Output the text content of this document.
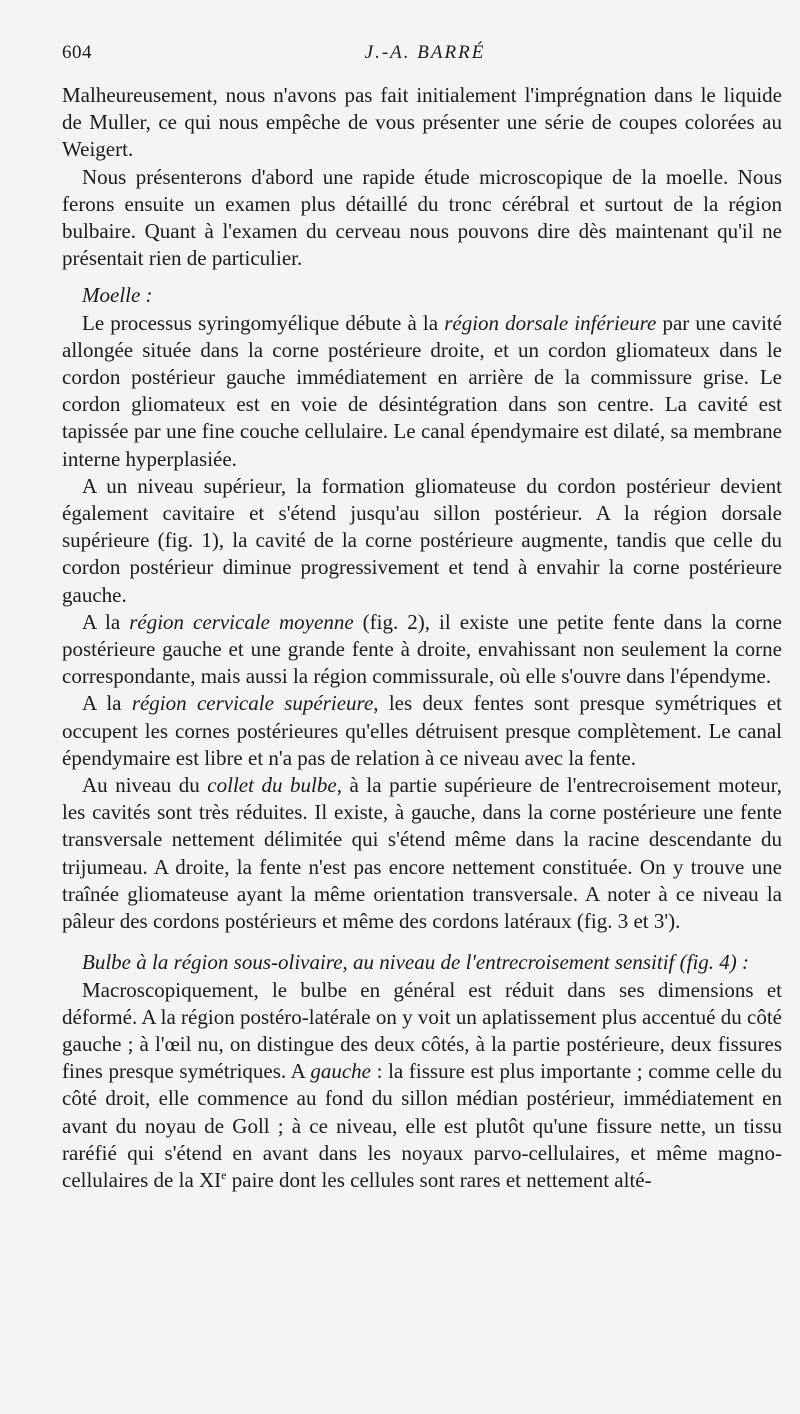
604	J.-A. BARRÉ

Malheureusement, nous n'avons pas fait initialement l'imprégnation dans le liquide de Muller, ce qui nous empêche de vous présenter une série de coupes colorées au Weigert.

Nous présenterons d'abord une rapide étude microscopique de la moelle. Nous ferons ensuite un examen plus détaillé du tronc cérébral et surtout de la région bulbaire. Quant à l'examen du cerveau nous pouvons dire dès maintenant qu'il ne présentait rien de particulier.

Moelle :

Le processus syringomyélique débute à la région dorsale inférieure par une cavité allongée située dans la corne postérieure droite, et un cordon gliomateux dans le cordon postérieur gauche immédiatement en arrière de la commissure grise. Le cordon gliomateux est en voie de désintégration dans son centre. La cavité est tapissée par une fine couche cellulaire. Le canal épendymaire est dilaté, sa membrane interne hyperplasiée.

A un niveau supérieur, la formation gliomateuse du cordon postérieur devient également cavitaire et s'étend jusqu'au sillon postérieur. A la région dorsale supérieure (fig. 1), la cavité de la corne postérieure augmente, tandis que celle du cordon postérieur diminue progressivement et tend à envahir la corne postérieure gauche.

A la région cervicale moyenne (fig. 2), il existe une petite fente dans la corne postérieure gauche et une grande fente à droite, envahissant non seulement la corne correspondante, mais aussi la région commissurale, où elle s'ouvre dans l'épendyme.

A la région cervicale supérieure, les deux fentes sont presque symétriques et occupent les cornes postérieures qu'elles détruisent presque complètement. Le canal épendymaire est libre et n'a pas de relation à ce niveau avec la fente.

Au niveau du collet du bulbe, à la partie supérieure de l'entrecroisement moteur, les cavités sont très réduites. Il existe, à gauche, dans la corne postérieure une fente transversale nettement délimitée qui s'étend même dans la racine descendante du trijumeau. A droite, la fente n'est pas encore nettement constituée. On y trouve une traînée gliomateuse ayant la même orientation transversale. A noter à ce niveau la pâleur des cordons postérieurs et même des cordons latéraux (fig. 3 et 3').

Bulbe à la région sous-olivaire, au niveau de l'entrecroisement sensitif (fig. 4) :

Macroscopiquement, le bulbe en général est réduit dans ses dimensions et déformé. A la région postéro-latérale on y voit un aplatissement plus accentué du côté gauche ; à l'œil nu, on distingue des deux côtés, à la partie postérieure, deux fissures fines presque symétriques. A gauche : la fissure est plus importante ; comme celle du côté droit, elle commence au fond du sillon médian postérieur, immédiatement en avant du noyau de Goll ; à ce niveau, elle est plutôt qu'une fissure nette, un tissu raréfié qui s'étend en avant dans les noyaux parvo-cellulaires, et même magno-cellulaires de la XIe paire dont les cellules sont rares et nettement alté-
